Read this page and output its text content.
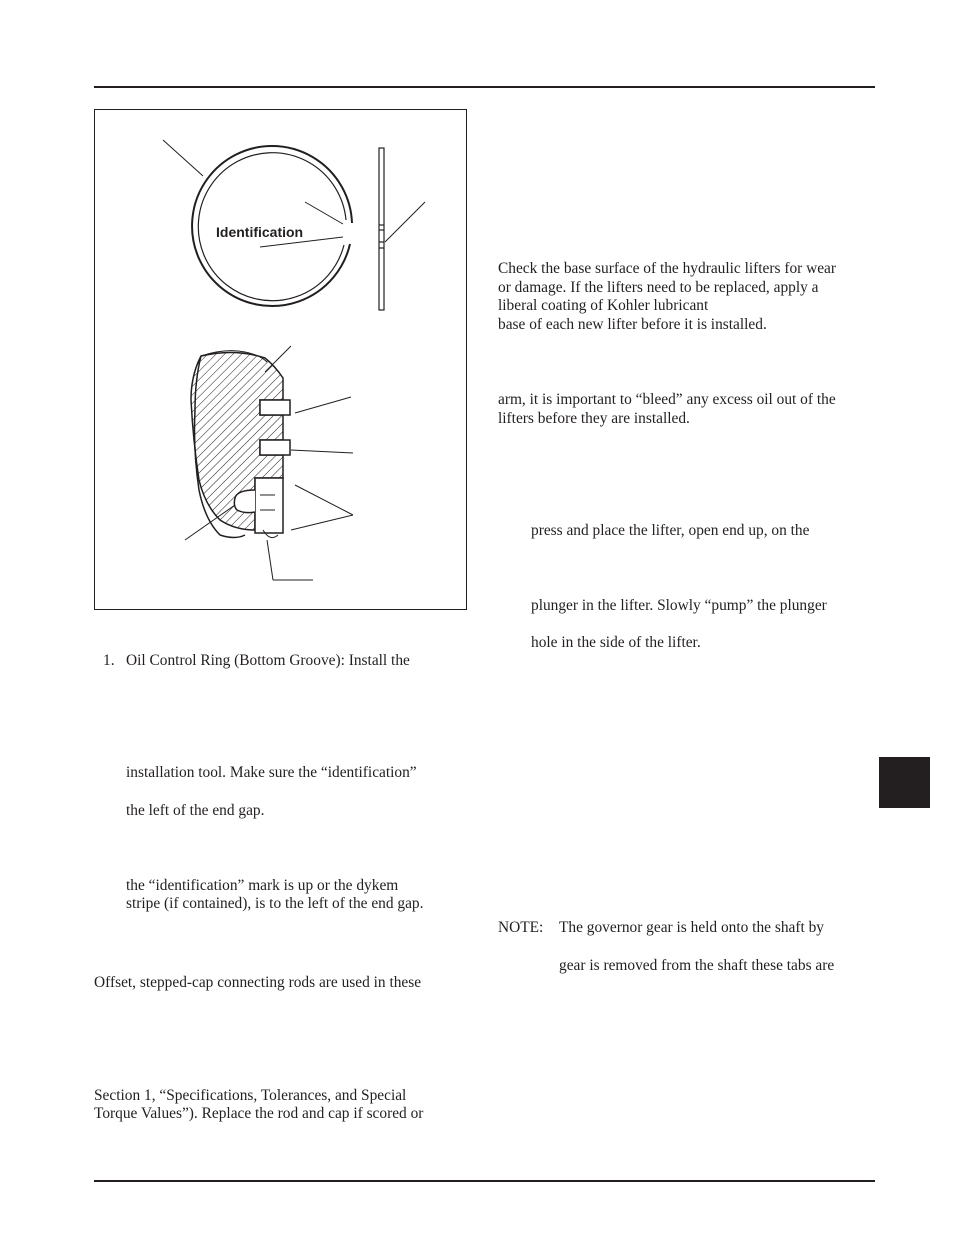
Identification
1. Oil Control Ring (Bottom Groove): Install the
installation tool. Make sure the “identification”
the left of the end gap.
the “identification” mark is up or the dykem
stripe (if contained), is to the left of the end gap.
Offset, stepped-cap connecting rods are used in these
Section 1, “Specifications, Tolerances, and Special
Torque Values”). Replace the rod and cap if scored or
Check the base surface of the hydraulic lifters for wear
or damage. If the lifters need to be replaced, apply a
liberal coating of Kohler lubricant
base of each new lifter before it is installed.
arm, it is important to “bleed” any excess oil out of the
lifters before they are installed.
press and place the lifter, open end up, on the
plunger in the lifter. Slowly “pump” the plunger
hole in the side of the lifter.
NOTE: The governor gear is held onto the shaft by
gear is removed from the shaft these tabs are
